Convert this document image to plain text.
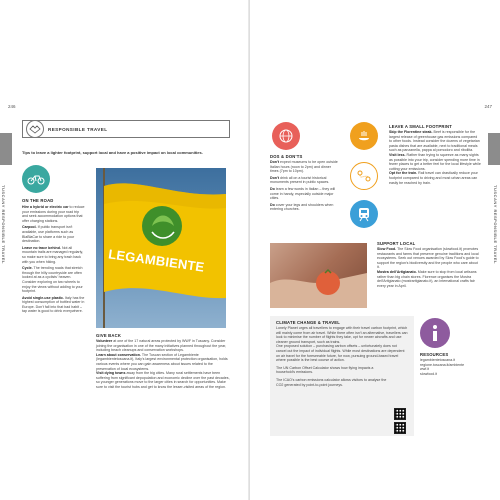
246
TUSCANY RESPONSIBLE TRAVEL
RESPONSIBLE TRAVEL
Tips to leave a lighter footprint, support local and have a positive impact on local communities.
ON THE ROAD

Hire a hybrid or electric car to reduce your emissions during your road trip and seek accommodation options that offer charging stations.

Carpool. If public transport isn't available, use platforms such as BlaBlaCar to share a ride to your destination.

Leave no trace behind. Not all mountain trails are managed regularly, so make sure to bring any trash back with you when hiking.

Cycle. The trending roads that stretch through the hilly countryside are often looked at as a cyclists' heaven. Consider exploring on two wheels to enjoy the views without adding to your footprint.

Avoid single-use plastic. Italy has the highest consumption of bottled water in Europe. Don't fall into that bad habit – tap water is good to drink everywhere.

LEGAMBIENTE
GIVE BACK

Volunteer at one of the 17 natural areas protected by WWF in Tuscany. Consider joining the organisation in one of the many initiatives planned throughout the year, including beach cleanups and conservation workshops.

Learn about conservation. The Tuscan section of Legambiente (legambientetoscana.it), Italy's largest environmental protection organisation, holds various events where you can gain awareness about issues related to the preservation of local ecosystems.

Visit dying towns away from the big cities. Many rural settlements have been suffering from significant depopulation and economic decline over the past decades, so younger generations move to the larger cities in search for opportunities. Make sure to visit the tourist hubs and get to know the lesser-visited areas of the region.

247
TUSCANY RESPONSIBLE TRAVEL
DOS & DON'TS

Don't expect museums to be open outside Italian hours (noon to 2pm) and dinner times (7pm to 10pm).

Don't drink all on a tourist historical monuments present in public spaces.

Do learn a few words in Italian – they will come in handy, especially outside major cities.

Do cover your legs and shoulders when entering churches.

LEAVE A SMALL FOOTPRINT

Skip the Florentine steak. Beef is responsible for the largest release of greenhouse gas emissions compared to other foods. Instead consider the dozens of vegetarian pasta dishes that are available, next to traditional meals such as panzanella, pappa al pomodoro and ribollita.

Visit less. Rather than trying to squeeze as many sights as possible into your trip, consider spending more time in fewer places to get a better feel for the local lifestyle while cutting your emissions.

Opt for the train. Rail travel can drastically reduce your footprint compared to driving and most urban areas can easily be reached by train.

SUPPORT LOCAL

Slow Food. The Slow Food organisation (slowfood.it) promotes restaurants and farms that preserve genuine traditions and local ecosystems. Seek out venues awarded by Slow Food's guide to support the region's biodiversity and the people who care about it.

Mostra dell'Artigianato. Make sure to stop from local artisans rather than big chain stores. Florence organises the Mostra dell'Artigianato (mostrartigianato.it), an international crafts fair every year in April.

CLIMATE CHANGE & TRAVEL

Lonely Planet urges all travellers to engage with their travel carbon footprint, which will mainly come from air travel. While there often isn't an alternative, travellers can look to minimise the number of flights they take, opt for newer aircrafts and use cleaner ground transport, such as trains.

One proposed solution – purchasing carbon offsets – unfortunately does not cancel out the impact of individual flights. While most destinations are dependent on air travel for the foreseeable future, for now, pursuing ground-based travel where possible is the best course of action.

The UN Carbon Offset Calculator shows how flying impacts a household's emissions.

The ICAO's carbon emissions calculator allows visitors to analyse the CO2 generated by point-to-point journeys.

RESOURCES

legambientetoscana.it

regione.toscana.it/ambiente

wwf.it

slowfood.it
